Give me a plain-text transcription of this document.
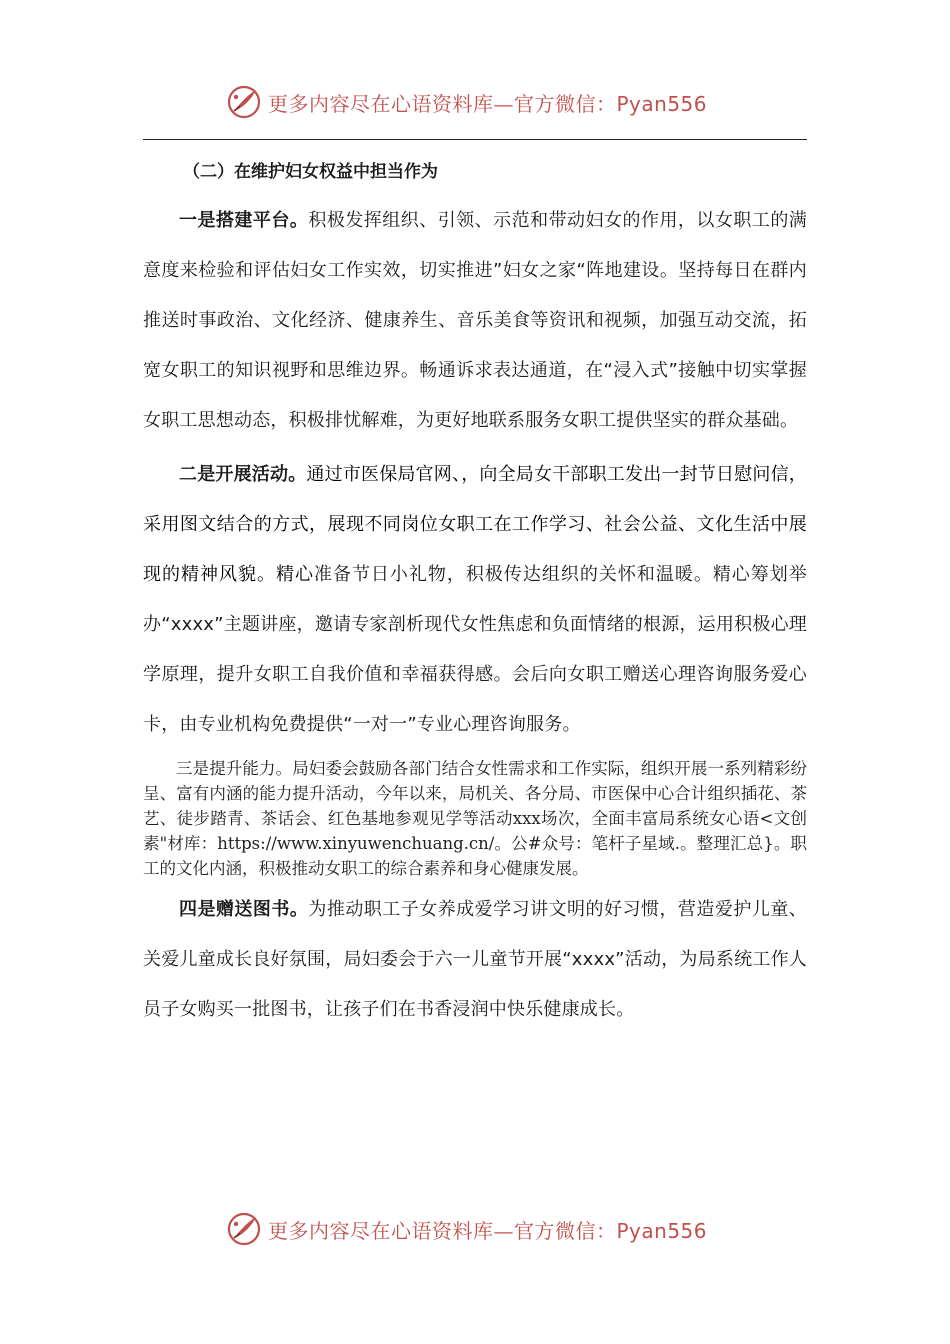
更多内容尽在心语资料库—官方微信：Pyan556
（二）在维护妇女权益中担当作为

一是搭建平台。积极发挥组织、引领、示范和带动妇女的作用，以女职工的满意度来检验和评估妇女工作实效，切实推进”妇女之家“阵地建设。坚持每日在群内推送时事政治、文化经济、健康养生、音乐美食等资讯和视频，加强互动交流，拓宽女职工的知识视野和思维边界。畅通诉求表达通道，在“浸入式”接触中切实掌握女职工思想动态，积极排忧解难，为更好地联系服务女职工提供坚实的群众基础。

二是开展活动。通过市医保局官网、，向全局女干部职工发出一封节日慰问信，采用图文结合的方式，展现不同岗位女职工在工作学习、社会公益、文化生活中展现的精神风貌。精心准备节日小礼物，积极传达组织的关怀和温暖。精心筹划举办“xxxx”主题讲座，邀请专家剖析现代女性焦虑和负面情绪的根源，运用积极心理学原理，提升女职工自我价值和幸福获得感。会后向女职工赠送心理咨询服务爱心卡，由专业机构免费提供“一对一”专业心理咨询服务。

三是提升能力。局妇委会鼓励各部门结合女性需求和工作实际，组织开展一系列精彩纷呈、富有内涵的能力提升活动，今年以来，局机关、各分局、市医保中心合计组织插花、茶艺、徒步踏青、茶话会、红色基地参观见学等活动xxx场次，全面丰富局系统女心语<文创素"材库：https://www.xinyuwenchuang.cn/。公#众号：笔杆子星域.。整理汇总}。职工的文化内涵，积极推动女职工的综合素养和身心健康发展。

四是赠送图书。为推动职工子女养成爱学习讲文明的好习惯，营造爱护儿童、关爱儿童成长良好氛围，局妇委会于六一儿童节开展“xxxx”活动，为局系统工作人员子女购买一批图书，让孩子们在书香浸润中快乐健康成长。

更多内容尽在心语资料库—官方微信：Pyan556
